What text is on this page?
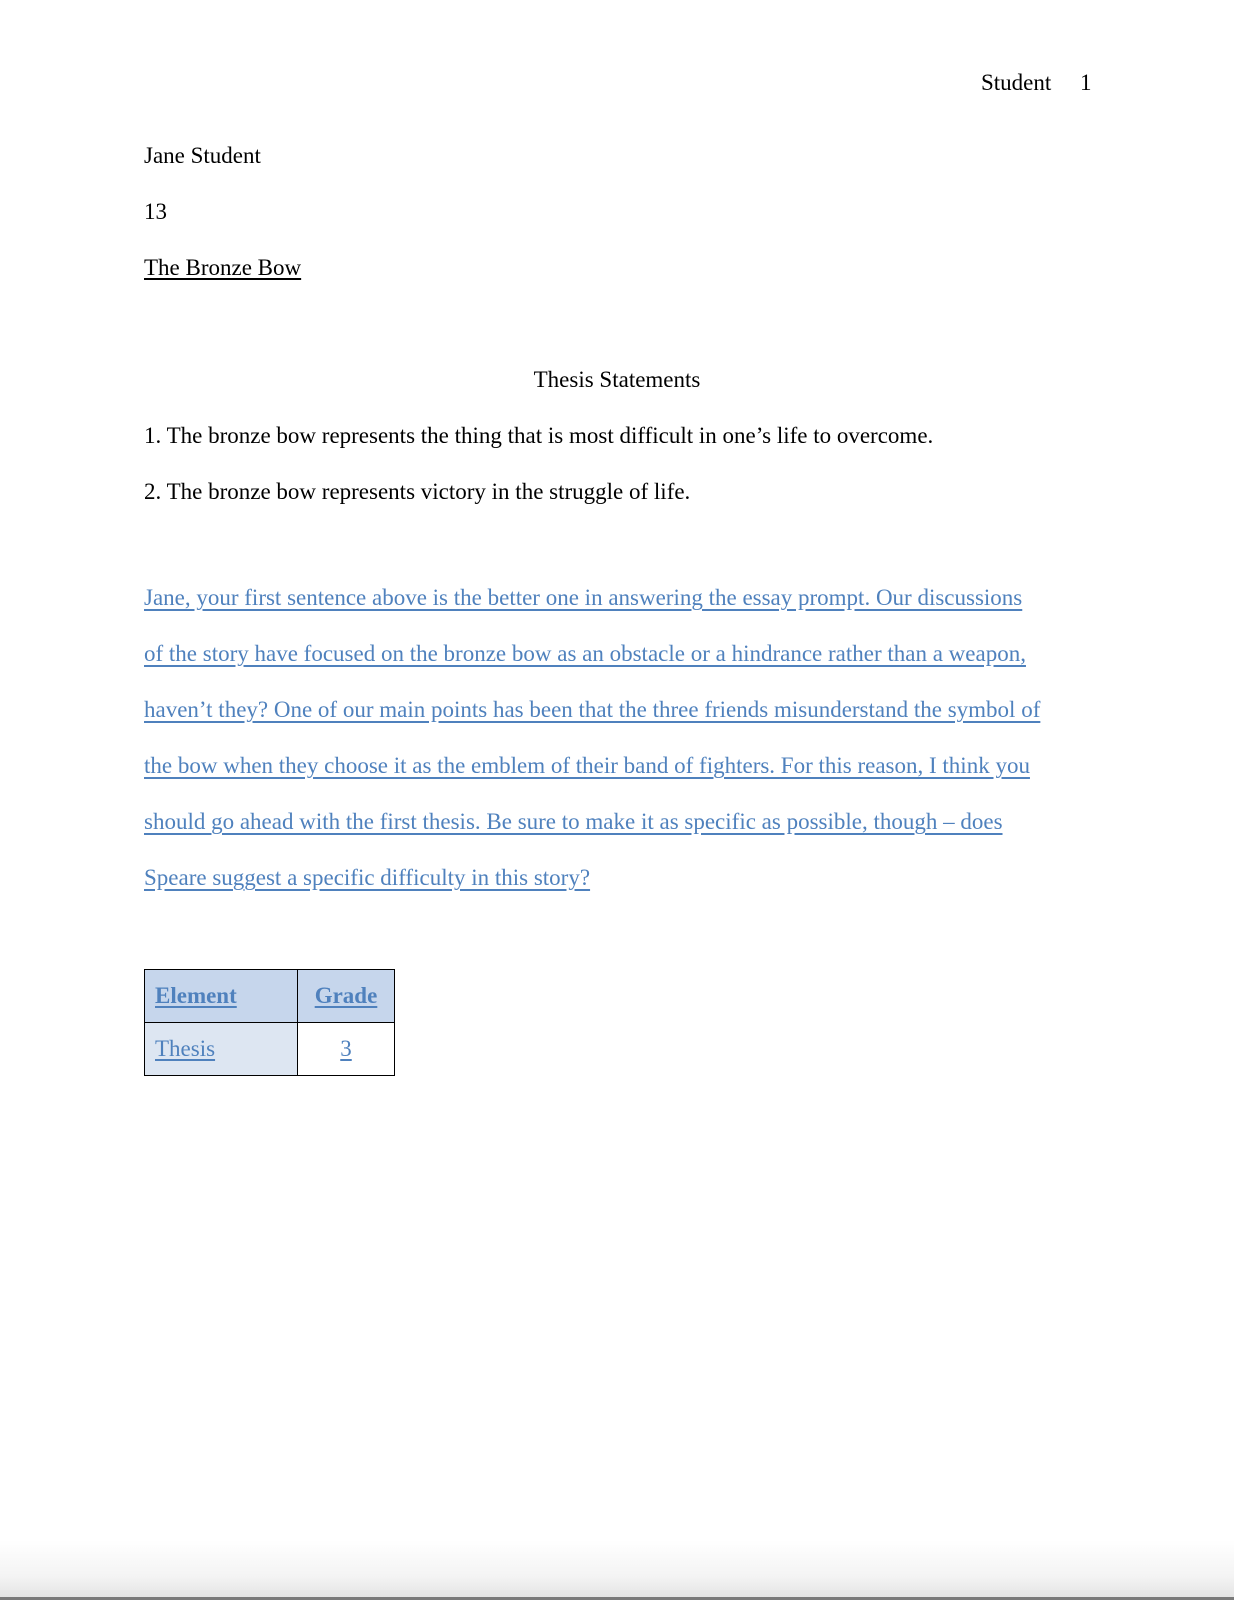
Student 1
Jane Student
13
The Bronze Bow
Thesis Statements
1. The bronze bow represents the thing that is most difficult in one’s life to overcome.
2. The bronze bow represents victory in the struggle of life.
Jane, your first sentence above is the better one in answering the essay prompt. Our discussions
of the story have focused on the bronze bow as an obstacle or a hindrance rather than a weapon,
haven’t they? One of our main points has been that the three friends misunderstand the symbol of
the bow when they choose it as the emblem of their band of fighters. For this reason, I think you
should go ahead with the first thesis. Be sure to make it as specific as possible, though – does
Speare suggest a specific difficulty in this story?
Element	Grade
Thesis	3
